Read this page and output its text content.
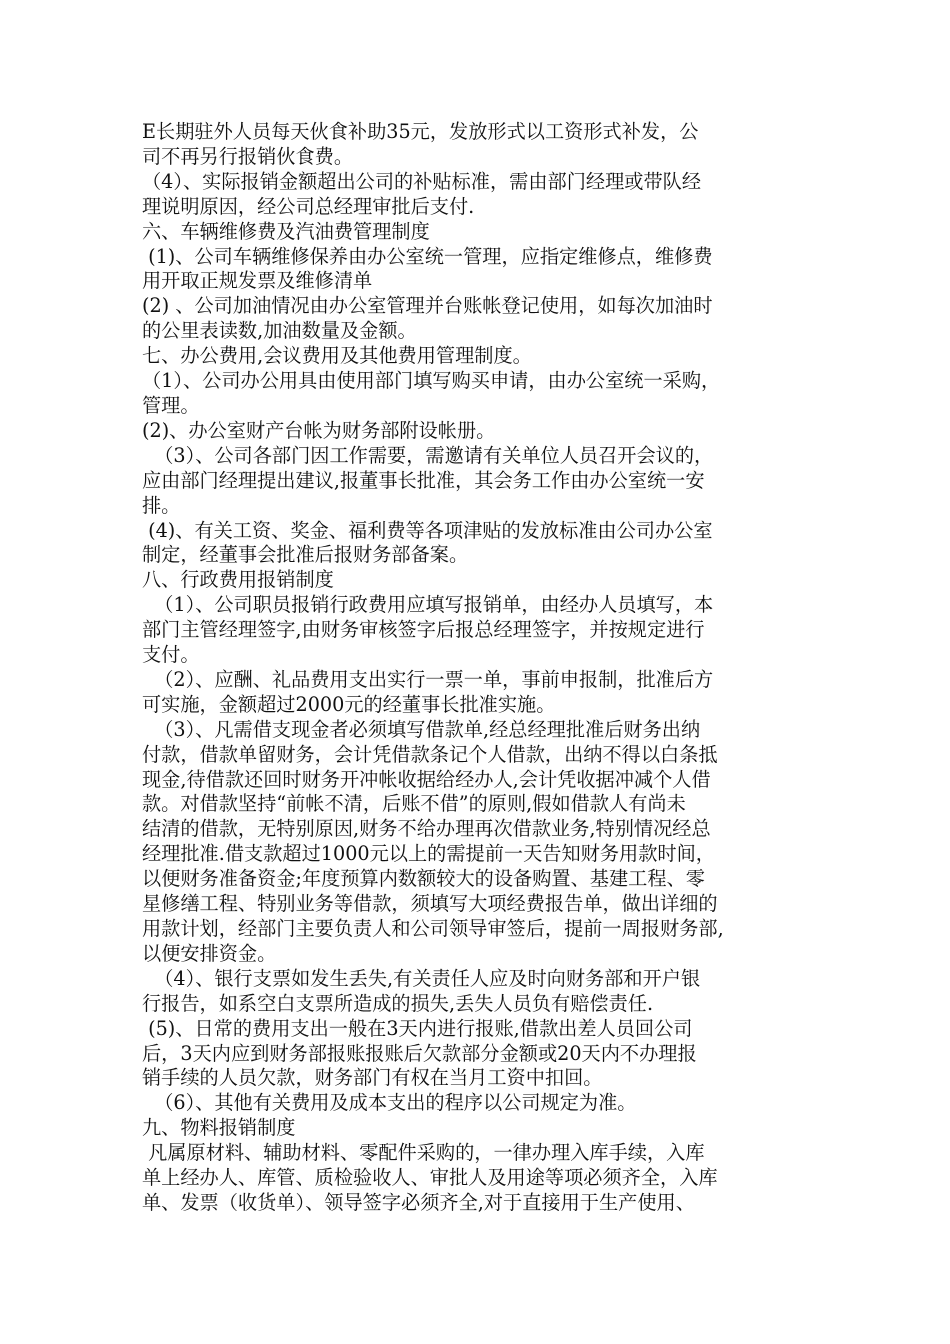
E长期驻外人员每天伙食补助35元，发放形式以工资形式补发，公
司不再另行报销伙食费。
（4）、实际报销金额超出公司的补贴标准，需由部门经理或带队经
理说明原因，经公司总经理审批后支付.
六、车辆维修费及汽油费管理制度
(1)、公司车辆维修保养由办公室统一管理，应指定维修点，维修费
用开取正规发票及维修清单
(2) 、公司加油情况由办公室管理并台账帐登记使用，如每次加油时
的公里表读数,加油数量及金额。
七、办公费用,会议费用及其他费用管理制度。
（1）、公司办公用具由使用部门填写购买申请，由办公室统一采购，
管理。
(2)、办公室财产台帐为财务部附设帐册。
（3）、公司各部门因工作需要，需邀请有关单位人员召开会议的，
应由部门经理提出建议,报董事长批准，其会务工作由办公室统一安
排。
(4)、有关工资、奖金、福利费等各项津贴的发放标准由公司办公室
制定，经董事会批准后报财务部备案。
八、行政费用报销制度
（1）、公司职员报销行政费用应填写报销单，由经办人员填写，本
部门主管经理签字,由财务审核签字后报总经理签字，并按规定进行
支付。
（2）、应酬、礼品费用支出实行一票一单，事前申报制，批准后方
可实施，金额超过2000元的经董事长批准实施。
（3）、凡需借支现金者必须填写借款单,经总经理批准后财务出纳
付款，借款单留财务，会计凭借款条记个人借款，出纳不得以白条抵
现金,待借款还回时财务开冲帐收据给经办人,会计凭收据冲减个人借
款。对借款坚持“前帐不清，后账不借”的原则,假如借款人有尚未
结清的借款，无特别原因,财务不给办理再次借款业务,特别情况经总
经理批准.借支款超过1000元以上的需提前一天告知财务用款时间，
以便财务准备资金;年度预算内数额较大的设备购置、基建工程、零
星修缮工程、特别业务等借款，须填写大项经费报告单，做出详细的
用款计划，经部门主要负责人和公司领导审签后，提前一周报财务部,
以便安排资金。
（4）、银行支票如发生丢失,有关责任人应及时向财务部和开户银
行报告，如系空白支票所造成的损失,丢失人员负有赔偿责任.
(5)、日常的费用支出一般在3天内进行报账,借款出差人员回公司
后，3天内应到财务部报账报账后欠款部分金额或20天内不办理报
销手续的人员欠款，财务部门有权在当月工资中扣回。
（6）、其他有关费用及成本支出的程序以公司规定为准。
九、物料报销制度
凡属原材料、辅助材料、零配件采购的，一律办理入库手续，入库
单上经办人、库管、质检验收人、审批人及用途等项必须齐全，入库
单、发票（收货单）、领导签字必须齐全,对于直接用于生产使用、
